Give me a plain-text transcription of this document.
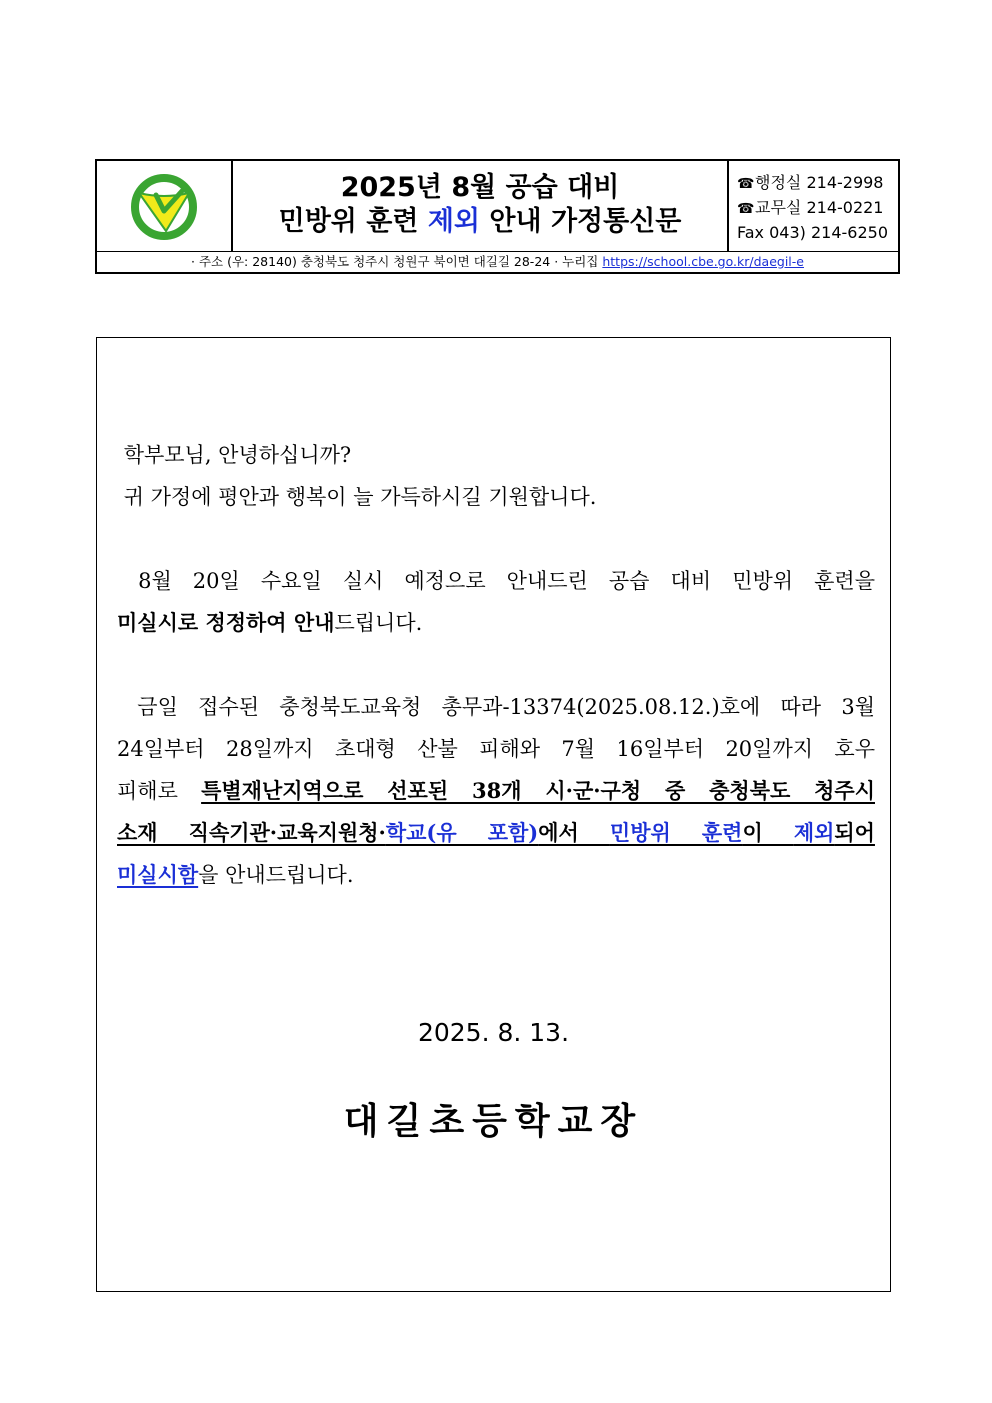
2025년 8월 공습 대비
민방위 훈련 제외 안내 가정통신문
☎행정실 214-2998
☎교무실 214-0221
Fax 043) 214-6250
· 주소 (우: 28140) 충청북도 청주시 청원구 북이면 대길길 28-24 · 누리집 https://school.cbe.go.kr/daegil-e

학부모님, 안녕하십니까?

귀 가정에 평안과 행복이 늘 가득하시길 기원합니다.

8월 20일 수요일 실시 예정으로 안내드린 공습 대비 민방위 훈련을

미실시로 정정하여 안내드립니다.

금일 접수된 충청북도교육청 총무과-13374(2025.08.12.)호에 따라 3월

24일부터 28일까지 초대형 산불 피해와 7월 16일부터 20일까지 호우

피해로 특별재난지역으로 선포된 38개 시·군·구청 중 충청북도 청주시

소재 직속기관·교육지원청·학교(유 포함)에서 민방위 훈련이 제외되어

미실시함을 안내드립니다.

2025. 8. 13.
대길초등학교장
